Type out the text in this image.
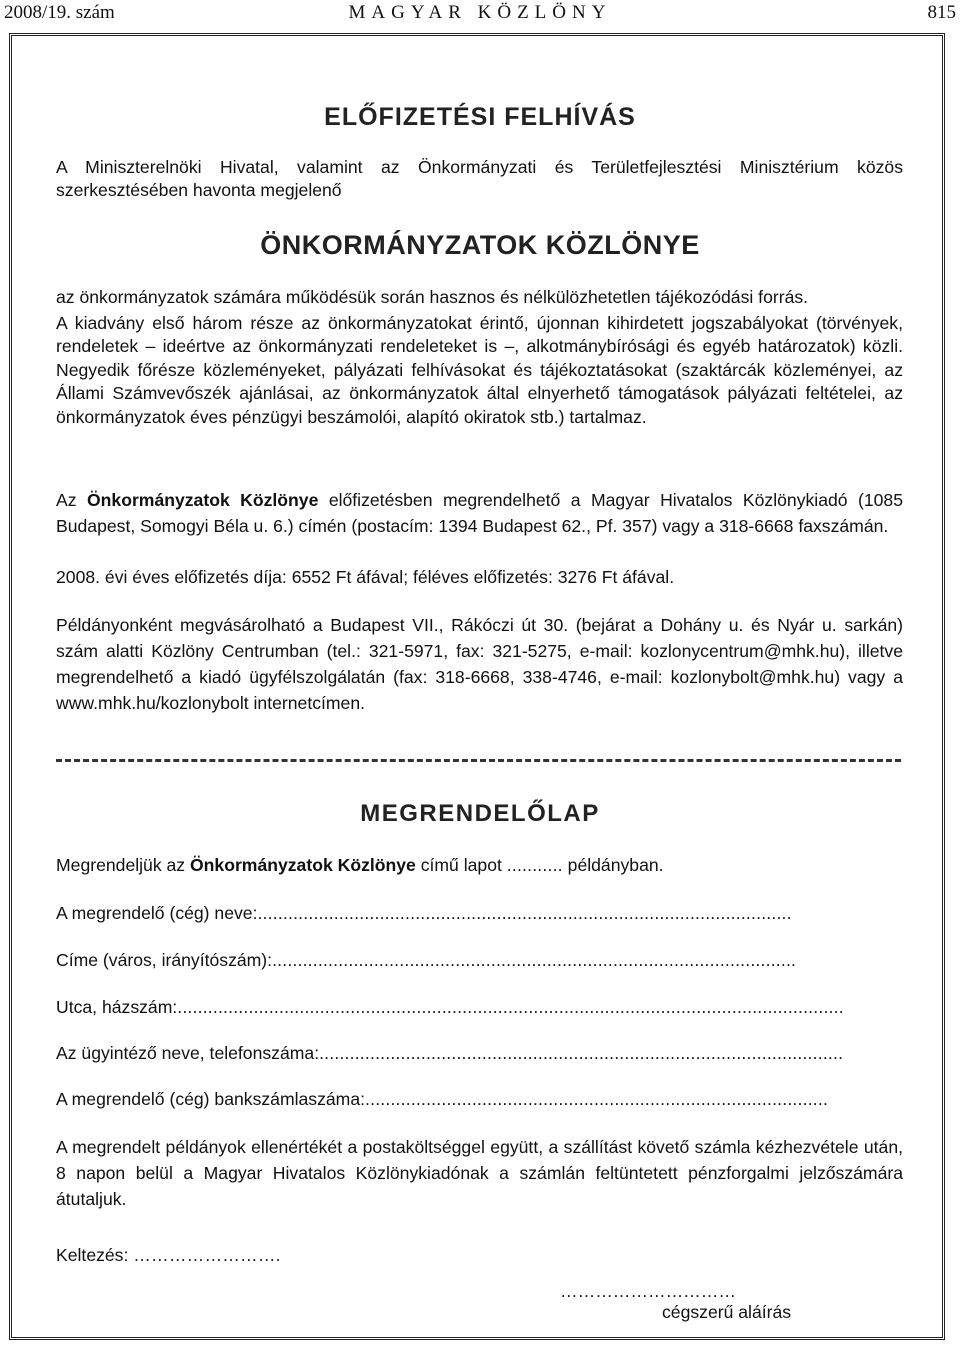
2008/19. szám	MAGYAR KÖZLÖNY	815
ELŐFIZETÉSI FELHÍVÁS
A Miniszterelnöki Hivatal, valamint az Önkormányzati és Területfejlesztési Minisztérium közös szerkesztésében havonta megjelenő
ÖNKORMÁNYZATOK KÖZLÖNYE
az önkormányzatok számára működésük során hasznos és nélkülözhetetlen tájékozódási forrás.
A kiadvány első három része az önkormányzatokat érintő, újonnan kihirdetett jogszabályokat (törvények, rendeletek – ideértve az önkormányzati rendeleteket is –, alkotmánybírósági és egyéb határozatok) közli. Negyedik főrésze közleményeket, pályázati felhívásokat és tájékoztatásokat (szaktárcák közleményei, az Állami Számvevőszék ajánlásai, az önkormányzatok által elnyerhető támogatások pályázati feltételei, az önkormányzatok éves pénzügyi beszámolói, alapító okiratok stb.) tartalmaz.
Az Önkormányzatok Közlönye előfizetésben megrendelhető a Magyar Hivatalos Közlönykiadó (1085 Budapest, Somogyi Béla u. 6.) címén (postacím: 1394 Budapest 62., Pf. 357) vagy a 318-6668 faxszámán.
2008. évi éves előfizetés díja: 6552 Ft áfával; féléves előfizetés: 3276 Ft áfával.
Példányonként megvásárolható a Budapest VII., Rákóczi út 30. (bejárat a Dohány u. és Nyár u. sarkán) szám alatti Közlöny Centrumban (tel.: 321-5971, fax: 321-5275, e-mail: kozlonycentrum@mhk.hu), illetve megrendelhető a kiadó ügyfélszolgálatán (fax: 318-6668, 338-4746, e-mail: kozlonybolt@mhk.hu) vagy a www.mhk.hu/kozlonybolt internetcímen.
MEGRENDELŐLAP
Megrendeljük az Önkormányzatok Közlönye című lapot ........... példányban.
A megrendelő (cég) neve:.........................................................................................................
Címe (város, irányítószám):.......................................................................................................
Utca, házszám:...................................................................................................................................
Az ügyintéző neve, telefonszáma:.......................................................................................................
A megrendelő (cég) bankszámlaszáma:...........................................................................................
A megrendelt példányok ellenértékét a postaköltséggel együtt, a szállítást követő számla kézhezvétele után, 8 napon belül a Magyar Hivatalos Közlönykiadónak a számlán feltüntetett pénzforgalmi jelzőszámára átutaljuk.
Keltezés: …………………….
…………………………
cégszerű aláírás
